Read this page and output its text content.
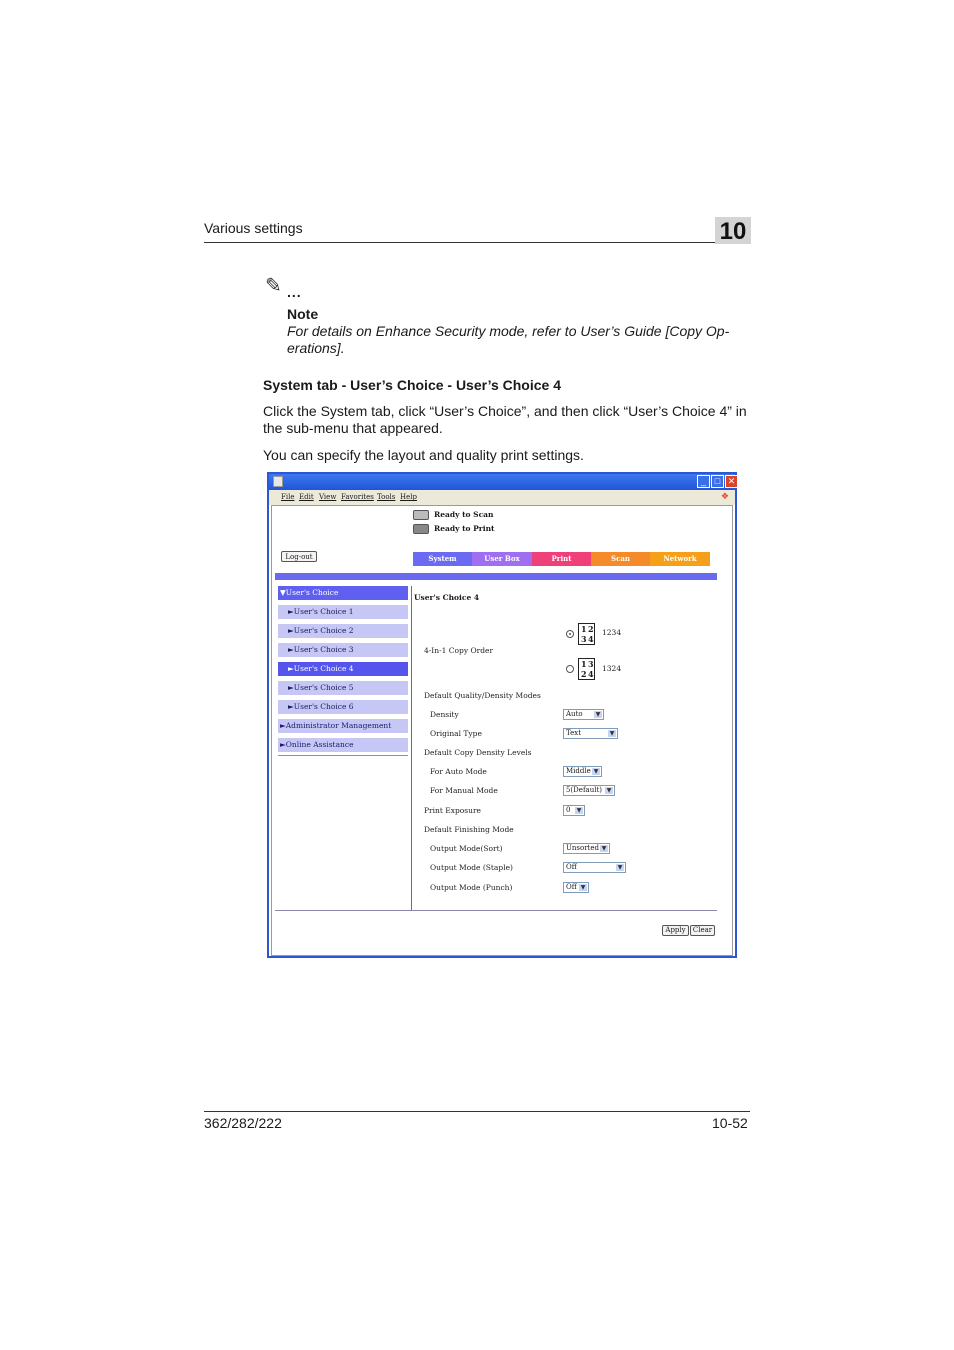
Various settings	10
✎ ...
Note
For details on Enhance Security mode, refer to User’s Guide [Copy Op-erations].
System tab - User’s Choice - User’s Choice 4
Click the System tab, click “User’s Choice”, and then click “User’s Choice 4” in the sub-menu that appeared.
You can specify the layout and quality print settings.
_ □ ✕
File Edit View Favorites Tools Help	❖
Ready to Scan
Ready to Print
Log-out	System	User Box	Print	Scan	Network
▼User's Choice
►User's Choice 1
►User's Choice 2
►User's Choice 3
►User's Choice 4
►User's Choice 5
►User's Choice 6
►Administrator Management
►Online Assistance
User's Choice 4
1 2
3 4
1234
4-In-1 Copy Order
1 3
2 4
1324
Default Quality/Density Modes
Density	Auto ▼
Original Type	Text	▼
Default Copy Density Levels
For Auto Mode	Middle ▼
For Manual Mode	5(Default) ▼
Print Exposure	0 ▼
Default Finishing Mode
Output Mode(Sort)	Unsorted ▼
Output Mode (Staple)	Off	▼
Output Mode (Punch)	Off ▼
Apply	Clear
362/282/222	10-52
